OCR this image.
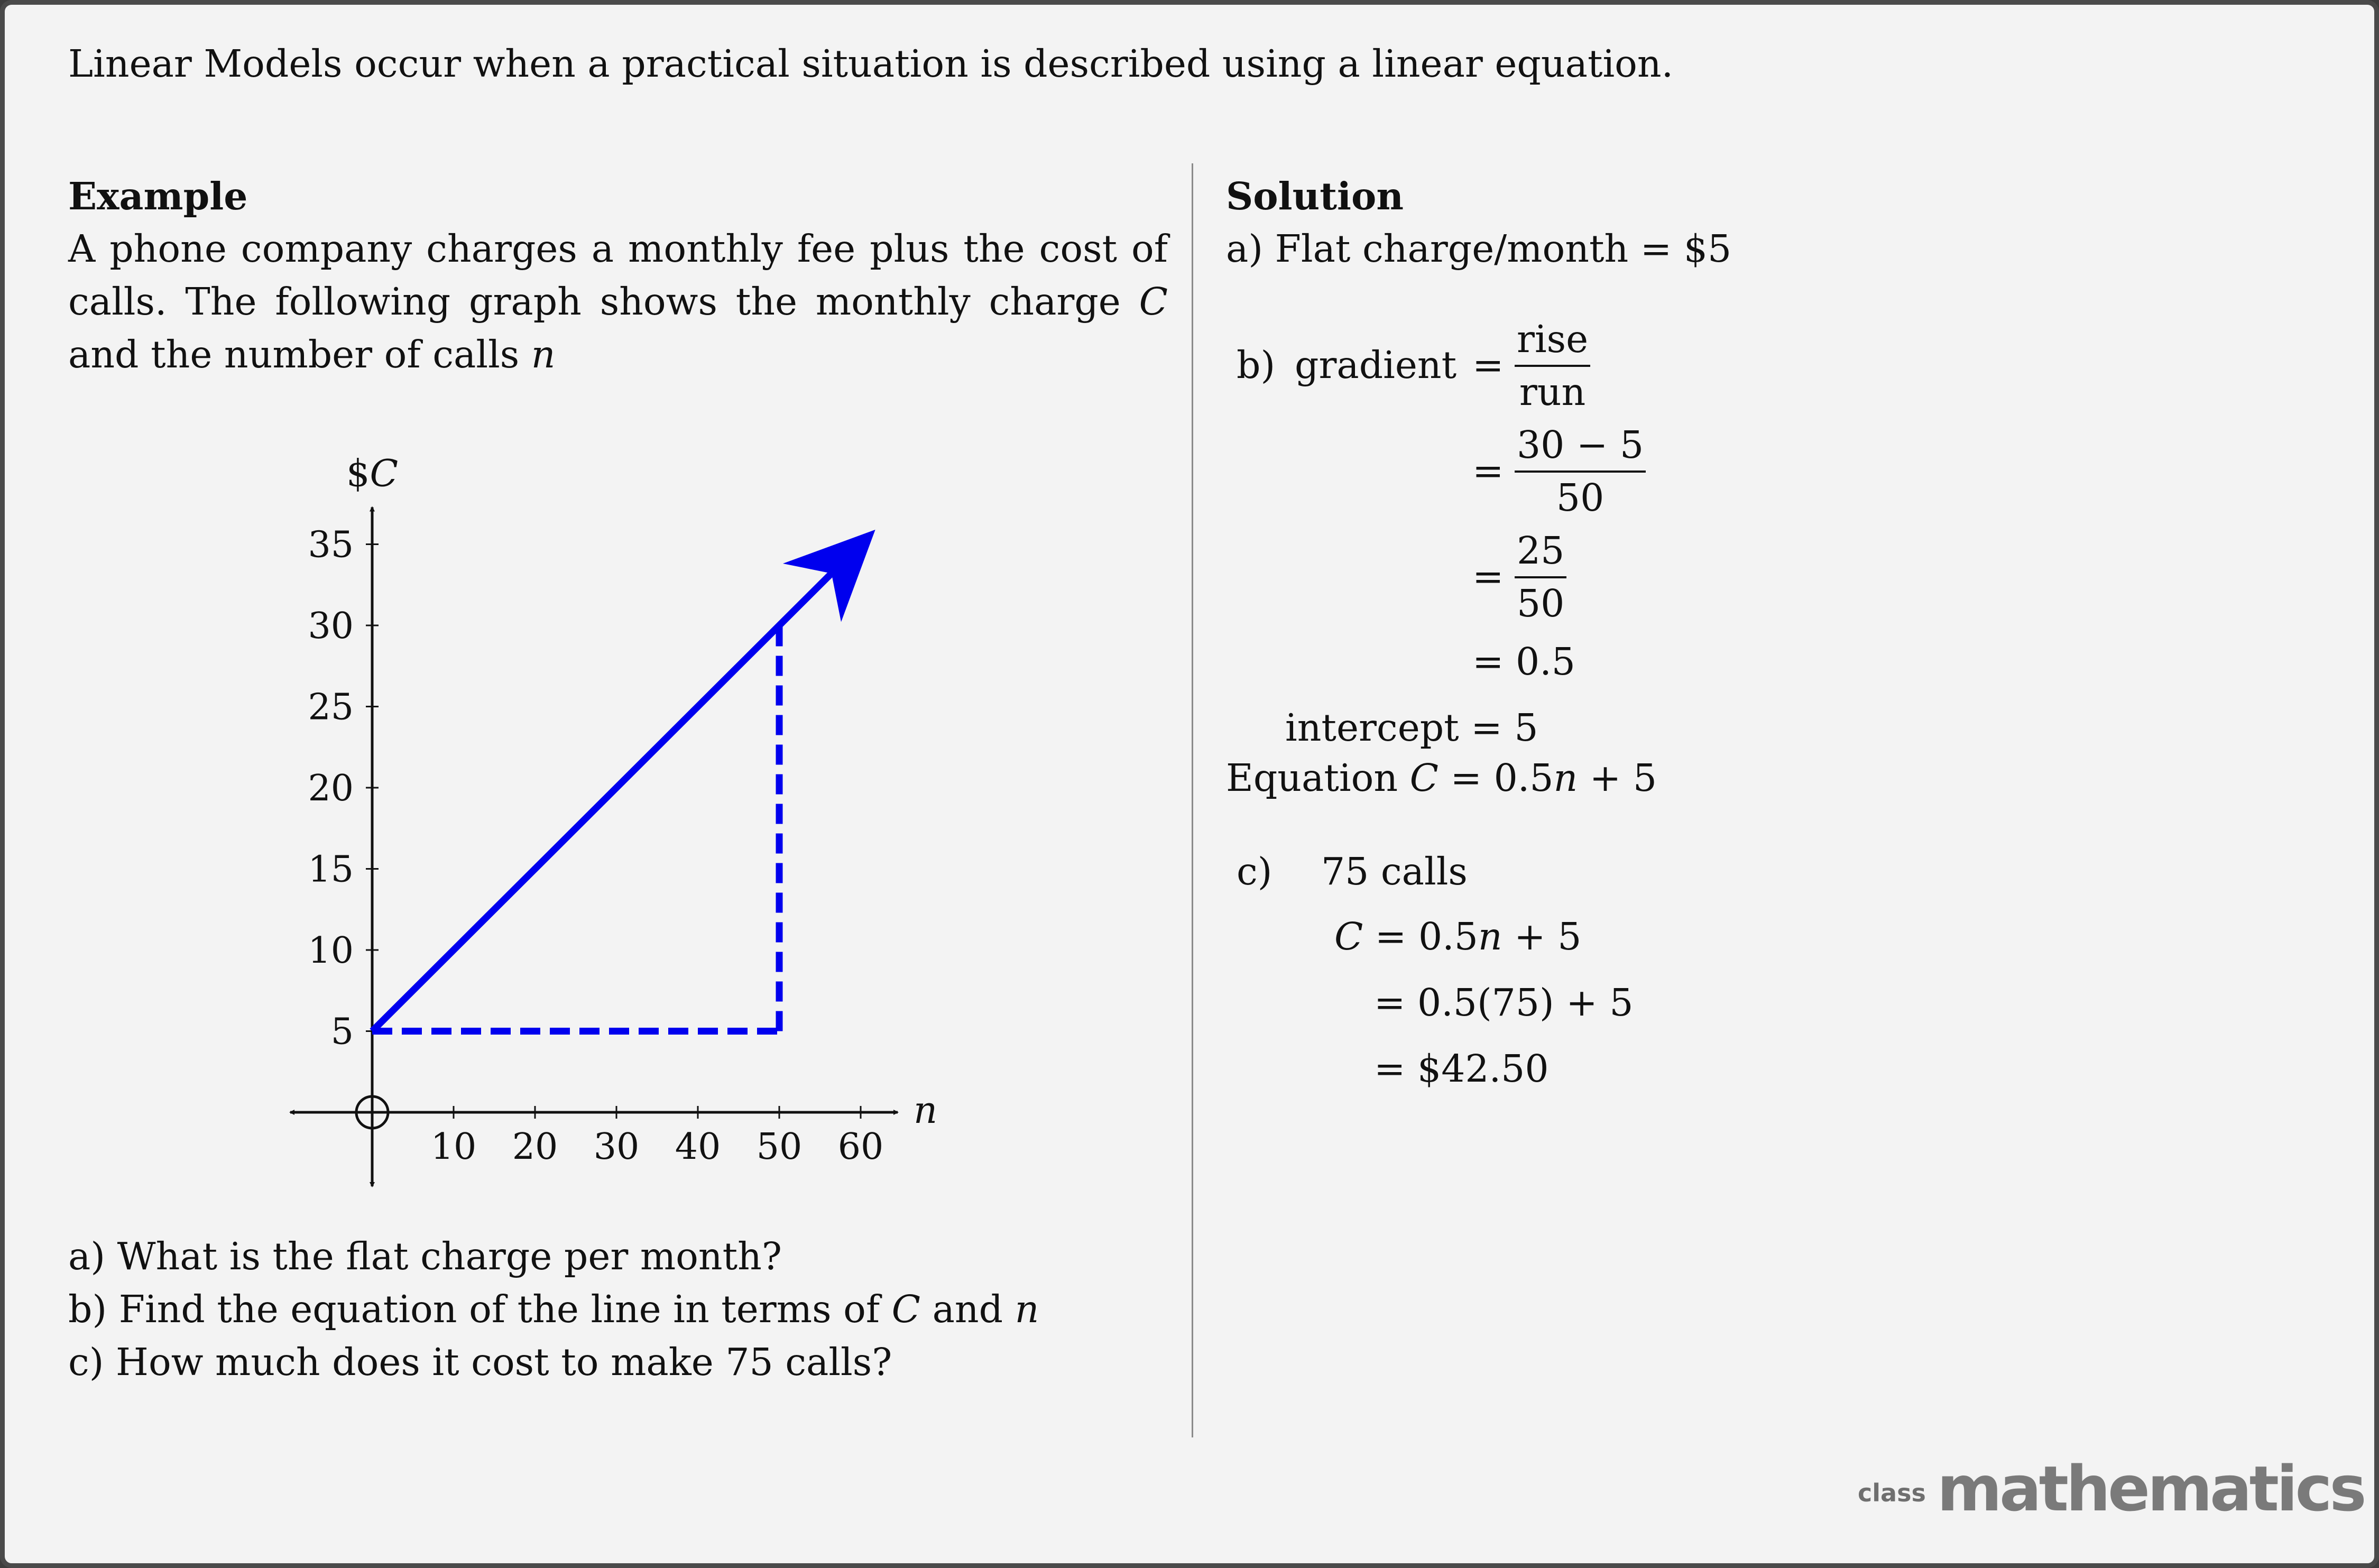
Linear Models occur when a practical situation is described using a linear equation.
Example
A phone company charges a monthly fee plus the cost of calls. The following graph shows the monthly charge C and the number of calls n
10 20 30 40 50 60
5
10
15
20
25
30
35
$C
n
a) What is the flat charge per month?
b) Find the equation of the line in terms of C and n
c) How much does it cost to make 75 calls?
Solution
a) Flat charge/month = $5
b) gradient = $\frac{\text{rise}}{\text{run}}$
= $\frac{30 - 5}{50}$
= $\frac{25}{50}$
= 0.5
intercept = 5
Equation C = 0.5n + 5
c) 75 calls
C = 0.5n + 5
= 0.5(75) + 5
= $42.50
class mathematics
